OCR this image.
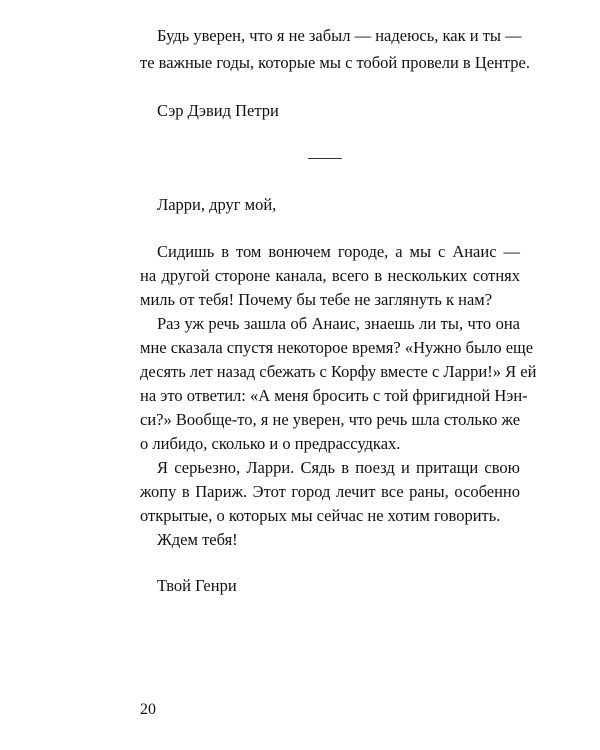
Будь уверен, что я не забыл — надеюсь, как и ты —

те важные годы, которые мы с тобой провели в Центре.

Сэр Дэвид Петри

Ларри, друг мой,

Сидишь в том вонючем городе, а мы с Анаис —

на другой стороне канала, всего в нескольких сотнях

миль от тебя! Почему бы тебе не заглянуть к нам?

Раз уж речь зашла об Анаис, знаешь ли ты, что она

мне сказала спустя некоторое время? «Нужно было еще

десять лет назад сбежать с Корфу вместе с Ларри!» Я ей

на это ответил: «А меня бросить с той фригидной Нэн-

си?» Вообще-то, я не уверен, что речь шла столько же

о либидо, сколько и о предрассудках.

Я серьезно, Ларри. Сядь в поезд и притащи свою

жопу в Париж. Этот город лечит все раны, особенно

открытые, о которых мы сейчас не хотим говорить.

Ждем тебя!

Твой Генри

20
